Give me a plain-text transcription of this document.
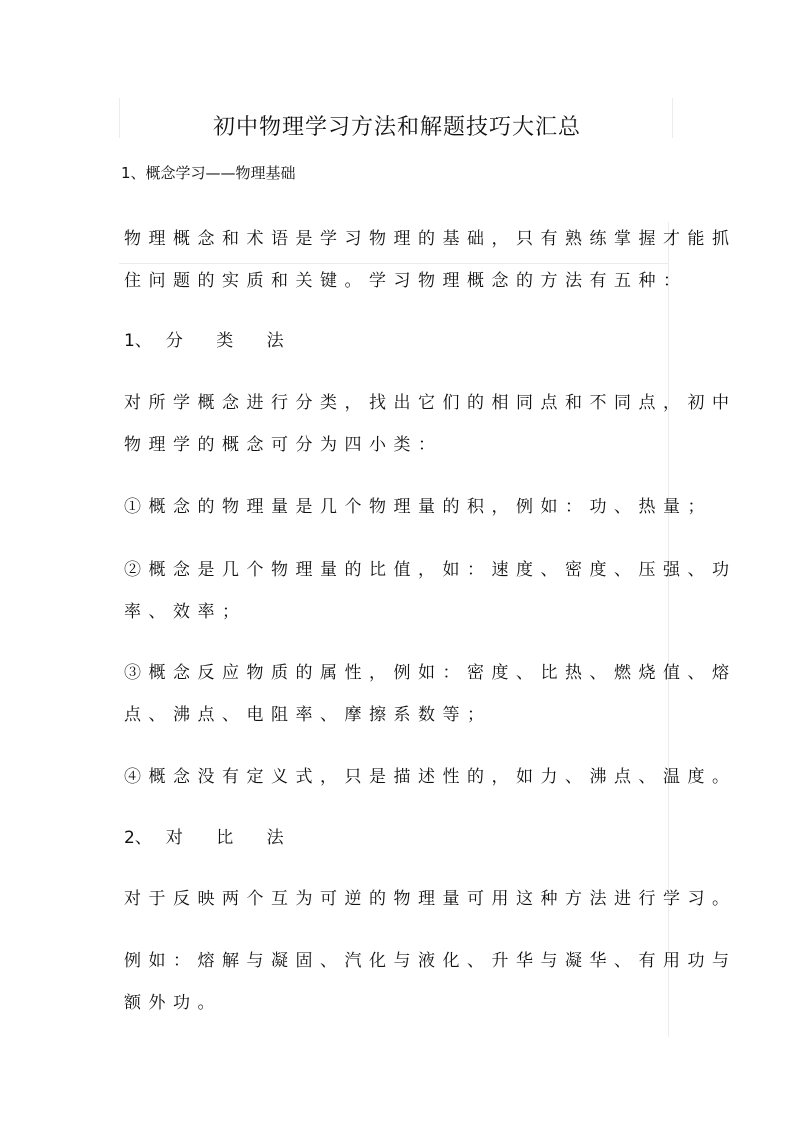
初中物理学习方法和解题技巧大汇总
1、概念学习——物理基础
物理概念和术语是学习物理的基础，只有熟练掌握才能抓
住问题的实质和关键。学习物理概念的方法有五种：
1、分 类 法
对所学概念进行分类，找出它们的相同点和不同点，初中
物理学的概念可分为四小类：
①概念的物理量是几个物理量的积，例如：功、热量；
②概念是几个物理量的比值，如：速度、密度、压强、功
率、效率；
③概念反应物质的属性，例如：密度、比热、燃烧值、熔
点、沸点、电阻率、摩擦系数等；
④概念没有定义式，只是描述性的，如力、沸点、温度。
2、对 比 法
对于反映两个互为可逆的物理量可用这种方法进行学习。
例如：熔解与凝固、汽化与液化、升华与凝华、有用功与
额外功。
